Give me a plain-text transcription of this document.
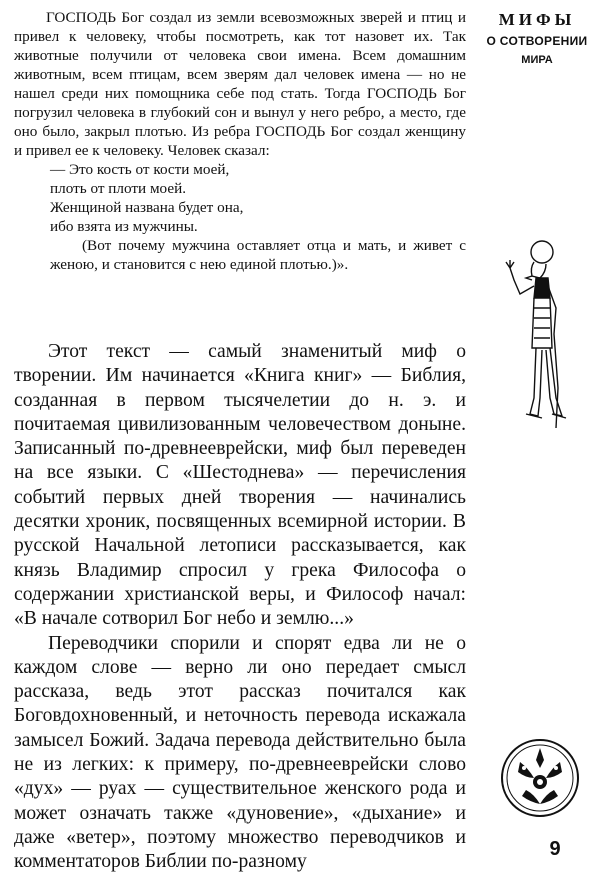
ГОСПОДЬ Бог создал из земли всевозможных зверей и птиц и привел к человеку, чтобы посмотреть, как тот назовет их. Так животные получили от человека свои имена. Всем домашним животным, всем птицам, всем зверям дал человек имена — но не нашел среди них помощника себе под стать. Тогда ГОСПОДЬ Бог погрузил человека в глубокий сон и вынул у него ребро, а место, где оно было, закрыл плотью. Из ребра ГОСПОДЬ Бог создал женщину и привел ее к человеку. Человек сказал:

— Это кость от кости моей,
плоть от плоти моей.
Женщиной названа будет она,
ибо взята из мужчины.

(Вот почему мужчина оставляет отца и мать, и живет с женою, и становится с нею единой плотью.)».

Этот текст — самый знаменитый миф о творении. Им начинается «Книга книг» — Библия, созданная в первом тысячелетии до н. э. и почитаемая цивилизованным человечеством доныне. Записанный по-древнееврейски, миф был переведен на все языки. С «Шестоднева» — перечисления событий первых дней творения — начинались десятки хроник, посвященных всемирной истории. В русской Начальной летописи рассказывается, как князь Владимир спросил у грека Философа о содержании христианской веры, и Философ начал: «В начале сотворил Бог небо и землю...»

Переводчики спорили и спорят едва ли не о каждом слове — верно ли оно передает смысл рассказа, ведь этот рассказ почитался как Боговдохновенный, и неточность перевода искажала замысел Божий. Задача перевода действительно была не из легких: к примеру, по-древнееврейски слово «дух» — руах — существительное женского рода и может означать также «дуновение», «дыхание» и даже «ветер», поэтому множество переводчиков и комментаторов Библии по-разному

МИФЫ
О СОТВОРЕНИИ
МИРА
9
